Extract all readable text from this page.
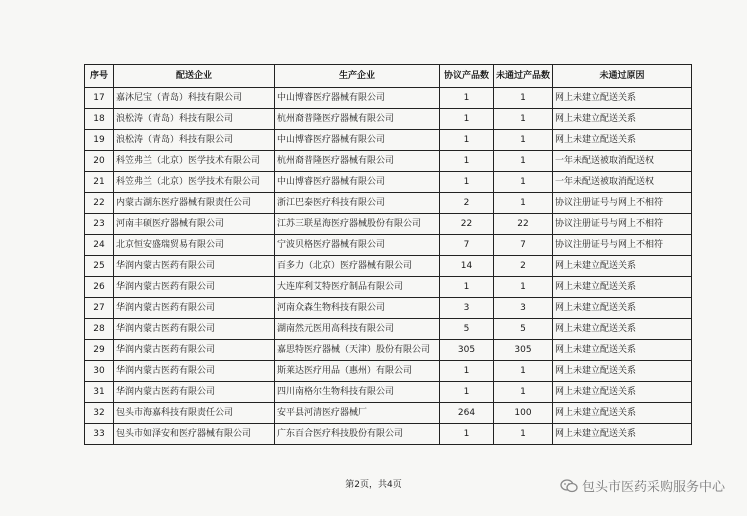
序号	配送企业	生产企业	协议产品数	未通过产品数	未通过原因
17	嘉沐尼宝（青岛）科技有限公司	中山博睿医疗器械有限公司	1	1	网上未建立配送关系
18	浪松涛（青岛）科技有限公司	杭州裔普隆医疗器械有限公司	1	1	网上未建立配送关系
19	浪松涛（青岛）科技有限公司	中山博睿医疗器械有限公司	1	1	网上未建立配送关系
20	科笠弗兰（北京）医学技术有限公司	杭州裔普隆医疗器械有限公司	1	1	一年未配送被取消配送权
21	科笠弗兰（北京）医学技术有限公司	中山博睿医疗器械有限公司	1	1	一年未配送被取消配送权
22	内蒙古湖东医疗器械有限责任公司	浙江巴泰医疗科技有限公司	2	1	协议注册证号与网上不相符
23	河南丰硕医疗器械有限公司	江苏三联星海医疗器械股份有限公司	22	22	协议注册证号与网上不相符
24	北京恒安盛瑞贸易有限公司	宁波贝格医疗器械有限公司	7	7	协议注册证号与网上不相符
25	华润内蒙古医药有限公司	百多力（北京）医疗器械有限公司	14	2	网上未建立配送关系
26	华润内蒙古医药有限公司	大连库利艾特医疗制品有限公司	1	1	网上未建立配送关系
27	华润内蒙古医药有限公司	河南众森生物科技有限公司	3	3	网上未建立配送关系
28	华润内蒙古医药有限公司	湖南然元医用高科技有限公司	5	5	网上未建立配送关系
29	华润内蒙古医药有限公司	嘉思特医疗器械（天津）股份有限公司	305	305	网上未建立配送关系
30	华润内蒙古医药有限公司	斯莱达医疗用品（惠州）有限公司	1	1	网上未建立配送关系
31	华润内蒙古医药有限公司	四川南格尔生物科技有限公司	1	1	网上未建立配送关系
32	包头市海嘉科技有限责任公司	安平县河清医疗器械厂	264	100	网上未建立配送关系
33	包头市如泽安和医疗器械有限公司	广东百合医疗科技股份有限公司	1	1	网上未建立配送关系
第2页，共4页	包头市医药采购服务中心
